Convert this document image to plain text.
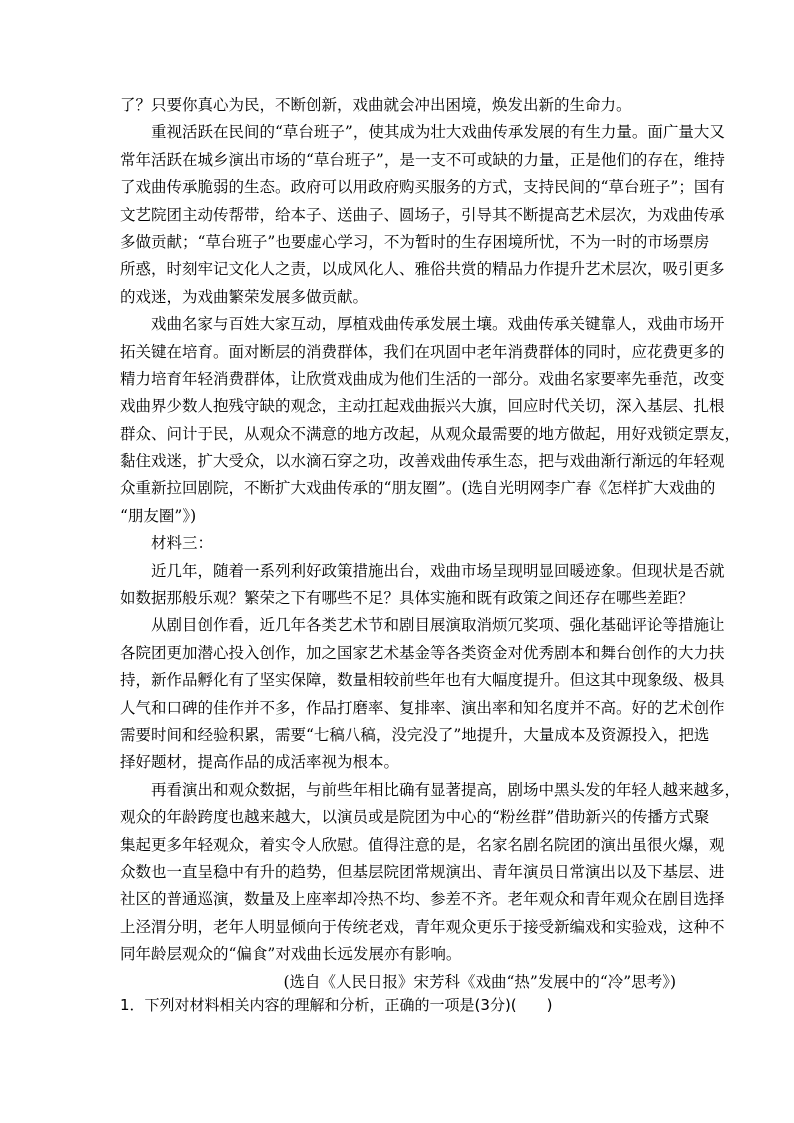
了？只要你真心为民，不断创新，戏曲就会冲出困境，焕发出新的生命力。
重视活跃在民间的“草台班子”，使其成为壮大戏曲传承发展的有生力量。面广量大又
常年活跃在城乡演出市场的“草台班子”，是一支不可或缺的力量，正是他们的存在，维持
了戏曲传承脆弱的生态。政府可以用政府购买服务的方式，支持民间的“草台班子”；国有
文艺院团主动传帮带，给本子、送曲子、圆场子，引导其不断提高艺术层次，为戏曲传承
多做贡献；“草台班子”也要虚心学习，不为暂时的生存困境所忧，不为一时的市场票房
所惑，时刻牢记文化人之责，以成风化人、雅俗共赏的精品力作提升艺术层次，吸引更多
的戏迷，为戏曲繁荣发展多做贡献。
戏曲名家与百姓大家互动，厚植戏曲传承发展土壤。戏曲传承关键靠人，戏曲市场开
拓关键在培育。面对断层的消费群体，我们在巩固中老年消费群体的同时，应花费更多的
精力培育年轻消费群体，让欣赏戏曲成为他们生活的一部分。戏曲名家要率先垂范，改变
戏曲界少数人抱残守缺的观念，主动扛起戏曲振兴大旗，回应时代关切，深入基层、扎根
群众、问计于民，从观众不满意的地方改起，从观众最需要的地方做起，用好戏锁定票友，
黏住戏迷，扩大受众，以水滴石穿之功，改善戏曲传承生态，把与戏曲渐行渐远的年轻观
众重新拉回剧院，不断扩大戏曲传承的“朋友圈”。(选自光明网李广春《怎样扩大戏曲的
“朋友圈”》)
材料三：
近几年，随着一系列利好政策措施出台，戏曲市场呈现明显回暖迹象。但现状是否就
如数据那般乐观？繁荣之下有哪些不足？具体实施和既有政策之间还存在哪些差距？
从剧目创作看，近几年各类艺术节和剧目展演取消烦冗奖项、强化基础评论等措施让
各院团更加潜心投入创作，加之国家艺术基金等各类资金对优秀剧本和舞台创作的大力扶
持，新作品孵化有了坚实保障，数量相较前些年也有大幅度提升。但这其中现象级、极具
人气和口碑的佳作并不多，作品打磨率、复排率、演出率和知名度并不高。好的艺术创作
需要时间和经验积累，需要“七稿八稿，没完没了”地提升，大量成本及资源投入，把选
择好题材，提高作品的成活率视为根本。
再看演出和观众数据，与前些年相比确有显著提高，剧场中黑头发的年轻人越来越多，
观众的年龄跨度也越来越大，以演员或是院团为中心的“粉丝群”借助新兴的传播方式聚
集起更多年轻观众，着实令人欣慰。值得注意的是，名家名剧名院团的演出虽很火爆，观
众数也一直呈稳中有升的趋势，但基层院团常规演出、青年演员日常演出以及下基层、进
社区的普通巡演，数量及上座率却冷热不均、参差不齐。老年观众和青年观众在剧目选择
上泾渭分明，老年人明显倾向于传统老戏，青年观众更乐于接受新编戏和实验戏，这种不
同年龄层观众的“偏食”对戏曲长远发展亦有影响。
(选自《人民日报》宋芳科《戏曲“热”发展中的“冷”思考》)
1．下列对材料相关内容的理解和分析，正确的一项是(3分)(　　)
